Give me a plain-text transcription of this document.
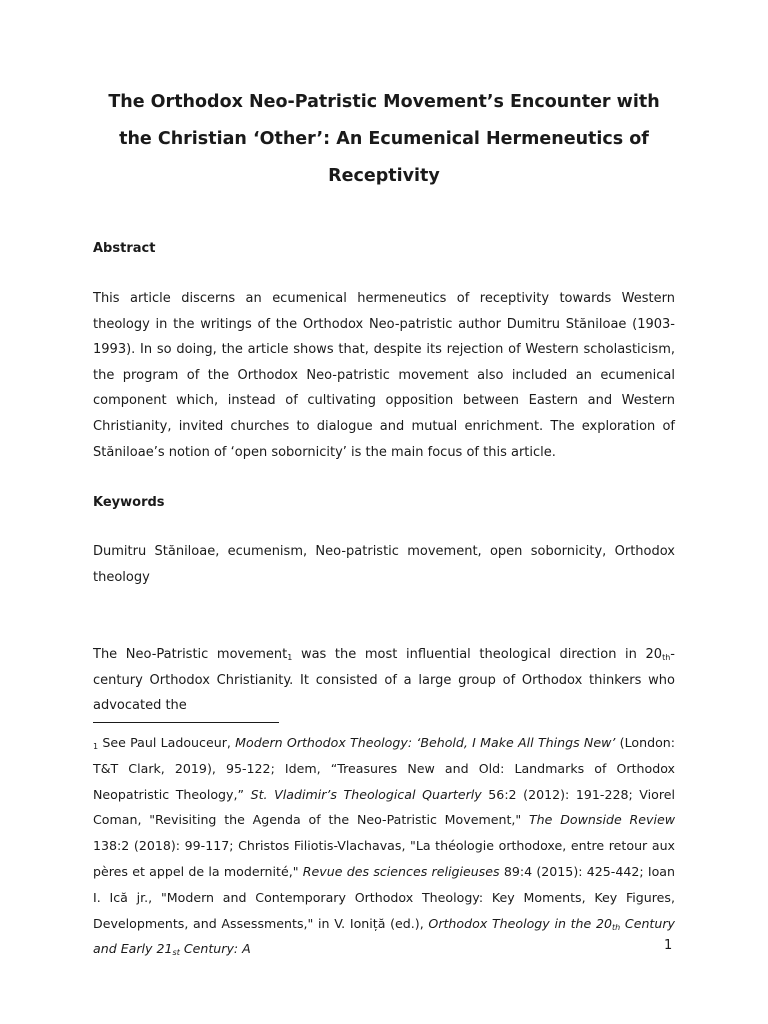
The Orthodox Neo-Patristic Movement’s Encounter with the Christian ‘Other’: An Ecumenical Hermeneutics of Receptivity
Abstract

This article discerns an ecumenical hermeneutics of receptivity towards Western theology in the writings of the Orthodox Neo-patristic author Dumitru Stăniloae (1903-1993). In so doing, the article shows that, despite its rejection of Western scholasticism, the program of the Orthodox Neo-patristic movement also included an ecumenical component which, instead of cultivating opposition between Eastern and Western Christianity, invited churches to dialogue and mutual enrichment. The exploration of Stăniloae’s notion of ‘open sobornicity’ is the main focus of this article.

Keywords

Dumitru Stăniloae, ecumenism, Neo-patristic movement, open sobornicity, Orthodox theology

The Neo-Patristic movement$_1$ was the most influential theological direction in $20_{th}$-century Orthodox Christianity. It consisted of a large group of Orthodox thinkers who advocated the

$_1$ See Paul Ladouceur, Modern Orthodox Theology: ‘Behold, I Make All Things New’ (London: T&T Clark, 2019), 95-122; Idem, “Treasures New and Old: Landmarks of Orthodox Neopatristic Theology,” St. Vladimir’s Theological Quarterly 56:2 (2012): 191-228; Viorel Coman, "Revisiting the Agenda of the Neo-Patristic Movement," The Downside Review 138:2 (2018): 99-117; Christos Filiotis-Vlachavas, "La théologie orthodoxe, entre retour aux pères et appel de la modernité," Revue des sciences religieuses 89:4 (2015): 425-442; Ioan I. Ică jr., "Modern and Contemporary Orthodox Theology: Key Moments, Key Figures, Developments, and Assessments," in V. Ioniță (ed.), Orthodox Theology in the $20_{th}$ Century and Early $21_{st}$ Century: A	1
